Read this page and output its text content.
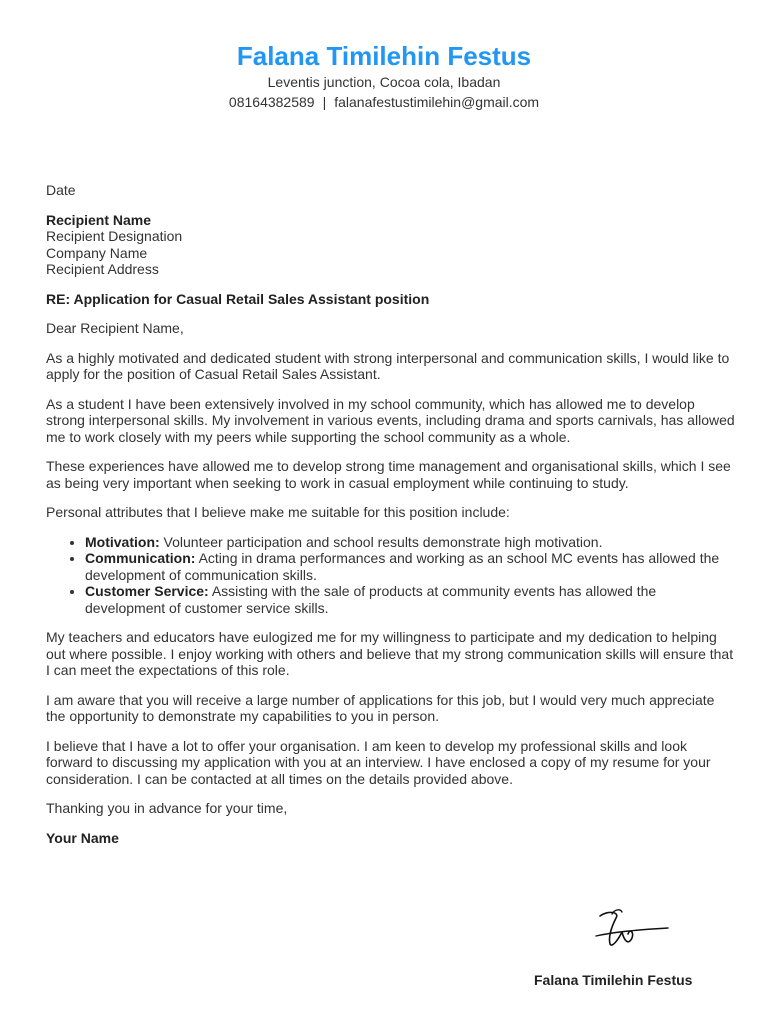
Falana Timilehin Festus
Leventis junction, Cocoa cola, Ibadan
08164382589 | falanafestustimilehin@gmail.com

Date

Recipient Name
Recipient Designation
Company Name
Recipient Address

RE: Application for Casual Retail Sales Assistant position

Dear Recipient Name,

As a highly motivated and dedicated student with strong interpersonal and communication skills, I would like to apply for the position of Casual Retail Sales Assistant.

As a student I have been extensively involved in my school community, which has allowed me to develop strong interpersonal skills. My involvement in various events, including drama and sports carnivals, has allowed me to work closely with my peers while supporting the school community as a whole.

These experiences have allowed me to develop strong time management and organisational skills, which I see as being very important when seeking to work in casual employment while continuing to study.

Personal attributes that I believe make me suitable for this position include:

• Motivation: Volunteer participation and school results demonstrate high motivation.
• Communication: Acting in drama performances and working as an school MC events has allowed the development of communication skills.
• Customer Service: Assisting with the sale of products at community events has allowed the development of customer service skills.

My teachers and educators have eulogized me for my willingness to participate and my dedication to helping out where possible. I enjoy working with others and believe that my strong communication skills will ensure that I can meet the expectations of this role.

I am aware that you will receive a large number of applications for this job, but I would very much appreciate the opportunity to demonstrate my capabilities to you in person.

I believe that I have a lot to offer your organisation. I am keen to develop my professional skills and look forward to discussing my application with you at an interview. I have enclosed a copy of my resume for your consideration. I can be contacted at all times on the details provided above.

Thanking you in advance for your time,

Your Name

Falana Timilehin Festus
